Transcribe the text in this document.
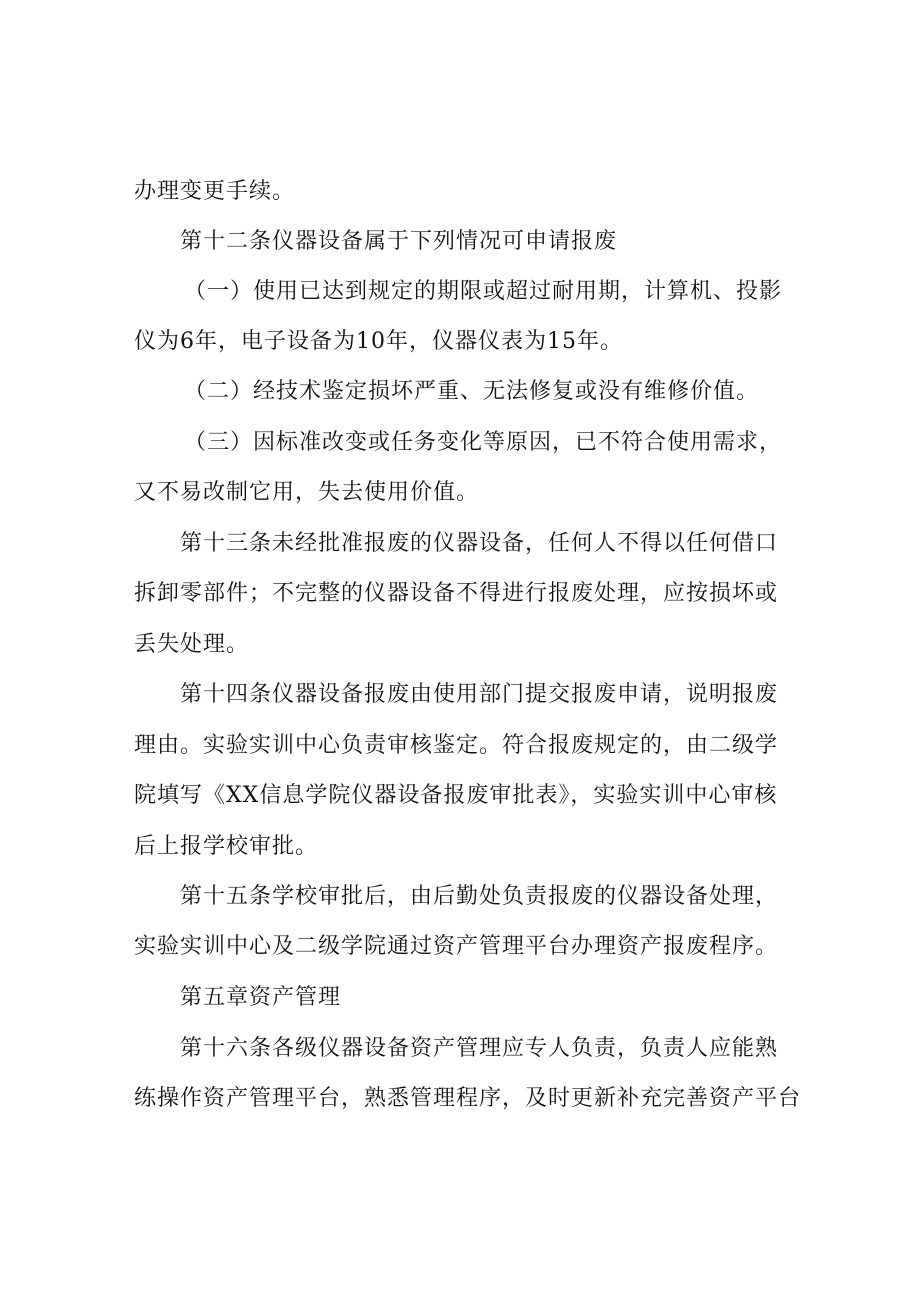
办理变更手续。
第十二条仪器设备属于下列情况可申请报废
（一）使用已达到规定的期限或超过耐用期，计算机、投影
仪为6年，电子设备为10年，仪器仪表为15年。
（二）经技术鉴定损坏严重、无法修复或没有维修价值。
（三）因标准改变或任务变化等原因，已不符合使用需求，
又不易改制它用，失去使用价值。
第十三条未经批准报废的仪器设备，任何人不得以任何借口
拆卸零部件；不完整的仪器设备不得进行报废处理，应按损坏或
丢失处理。
第十四条仪器设备报废由使用部门提交报废申请，说明报废
理由。实验实训中心负责审核鉴定。符合报废规定的，由二级学
院填写《XX信息学院仪器设备报废审批表》，实验实训中心审核
后上报学校审批。
第十五条学校审批后，由后勤处负责报废的仪器设备处理，
实验实训中心及二级学院通过资产管理平台办理资产报废程序。
第五章资产管理
第十六条各级仪器设备资产管理应专人负责，负责人应能熟
练操作资产管理平台，熟悉管理程序，及时更新补充完善资产平台
